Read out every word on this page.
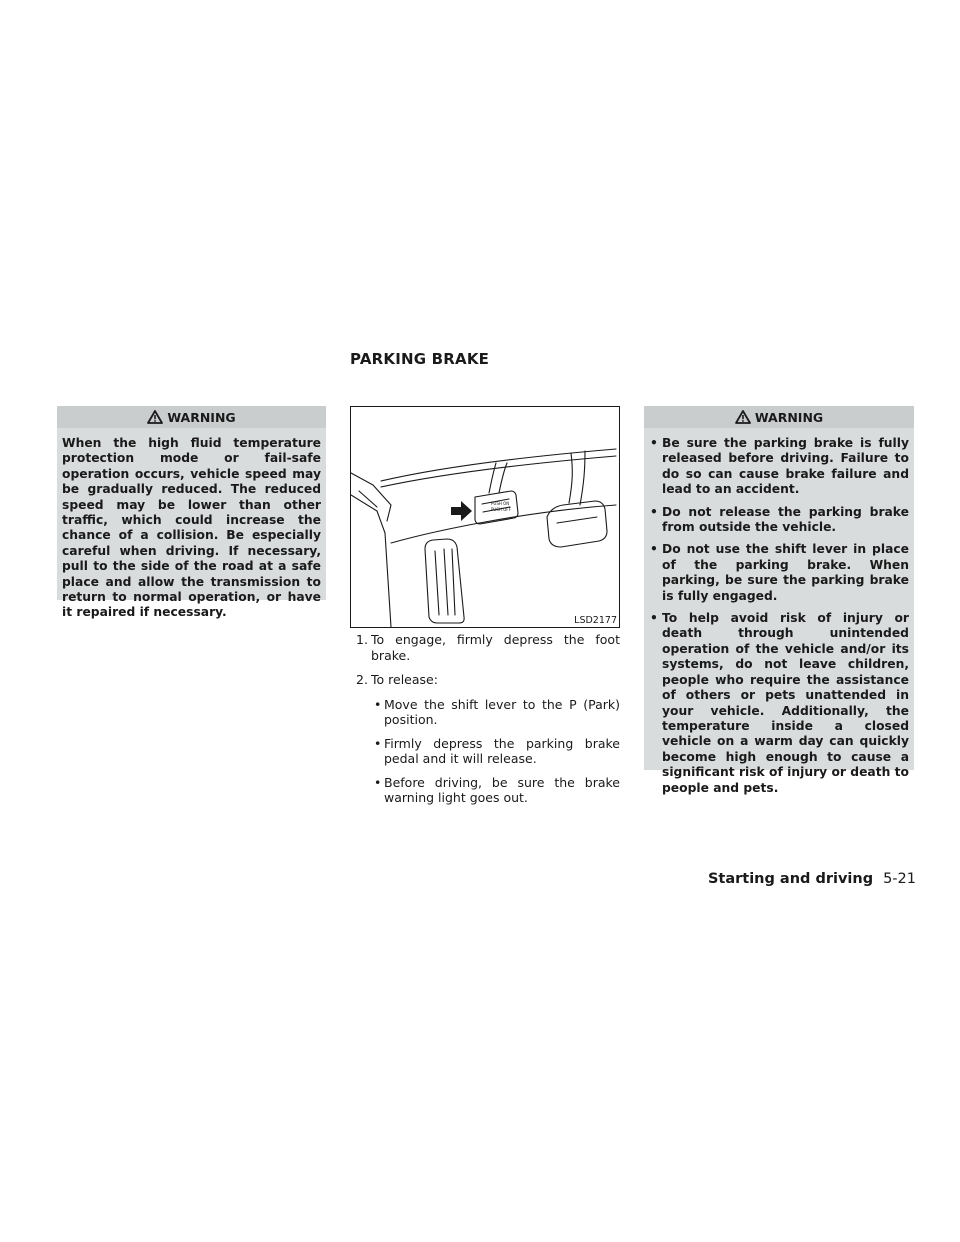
PARKING BRAKE
WARNING
When the high fluid temperature protection mode or fail-safe operation occurs, vehicle speed may be gradually reduced. The reduced speed may be lower than other traffic, which could increase the chance of a collision. Be especially careful when driving. If necessary, pull to the side of the road at a safe place and allow the transmission to return to normal operation, or have it repaired if necessary.
PUSH ON
PUSH OFF
LSD2177
1. To engage, firmly depress the foot brake.
2. To release:
• Move the shift lever to the P (Park) position.
• Firmly depress the parking brake pedal and it will release.
• Before driving, be sure the brake warning light goes out.
WARNING
• Be sure the parking brake is fully released before driving. Failure to do so can cause brake failure and lead to an accident.
• Do not release the parking brake from outside the vehicle.
• Do not use the shift lever in place of the parking brake. When parking, be sure the parking brake is fully engaged.
• To help avoid risk of injury or death through unintended operation of the vehicle and/or its systems, do not leave children, people who require the assistance of others or pets unattended in your vehicle. Additionally, the temperature inside a closed vehicle on a warm day can quickly become high enough to cause a significant risk of injury or death to people and pets.
Starting and driving 5-21
